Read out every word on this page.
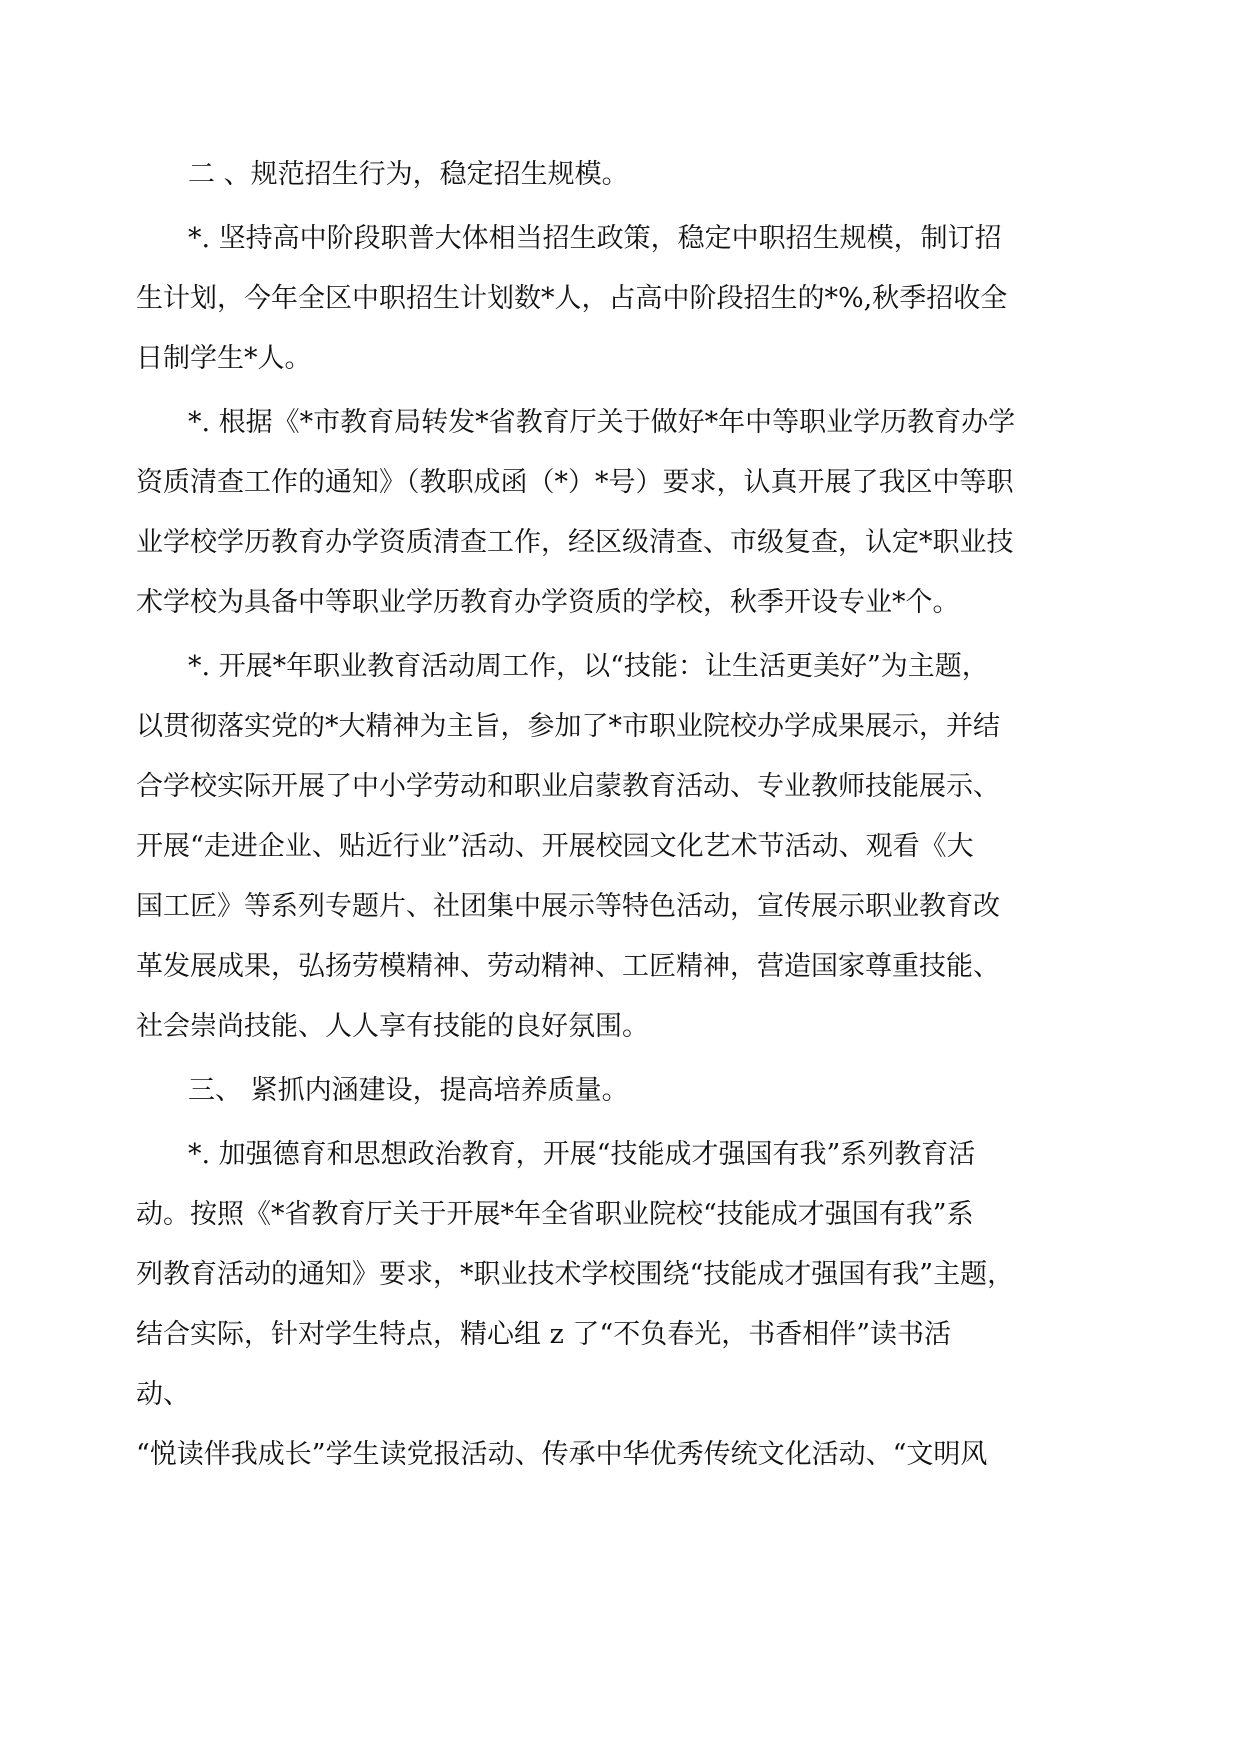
二 、规范招生行为，稳定招生规模。
*. 坚持高中阶段职普大体相当招生政策，稳定中职招生规模，制订招
生计划，今年全区中职招生计划数*人，占高中阶段招生的*%,秋季招收全
日制学生*人。
*. 根据《*市教育局转发*省教育厅关于做好*年中等职业学历教育办学
资质清查工作的通知》（教职成函（*）*号）要求，认真开展了我区中等职
业学校学历教育办学资质清查工作，经区级清查、市级复查，认定*职业技
术学校为具备中等职业学历教育办学资质的学校，秋季开设专业*个。
*. 开展*年职业教育活动周工作，以“技能：让生活更美好”为主题，
以贯彻落实党的*大精神为主旨，参加了*市职业院校办学成果展示，并结
合学校实际开展了中小学劳动和职业启蒙教育活动、专业教师技能展示、
开展“走进企业、贴近行业”活动、开展校园文化艺术节活动、观看《大
国工匠》等系列专题片、社团集中展示等特色活动，宣传展示职业教育改
革发展成果，弘扬劳模精神、劳动精神、工匠精神，营造国家尊重技能、
社会崇尚技能、人人享有技能的良好氛围。
三、 紧抓内涵建设，提高培养质量。
*. 加强德育和思想政治教育，开展“技能成才强国有我”系列教育活
动。按照《*省教育厅关于开展*年全省职业院校“技能成才强国有我”系
列教育活动的通知》要求，*职业技术学校围绕“技能成才强国有我”主题，
结合实际，针对学生特点，精心组 z 了“不负春光，书香相伴”读书活
动、
“悦读伴我成长”学生读党报活动、传承中华优秀传统文化活动、“文明风
